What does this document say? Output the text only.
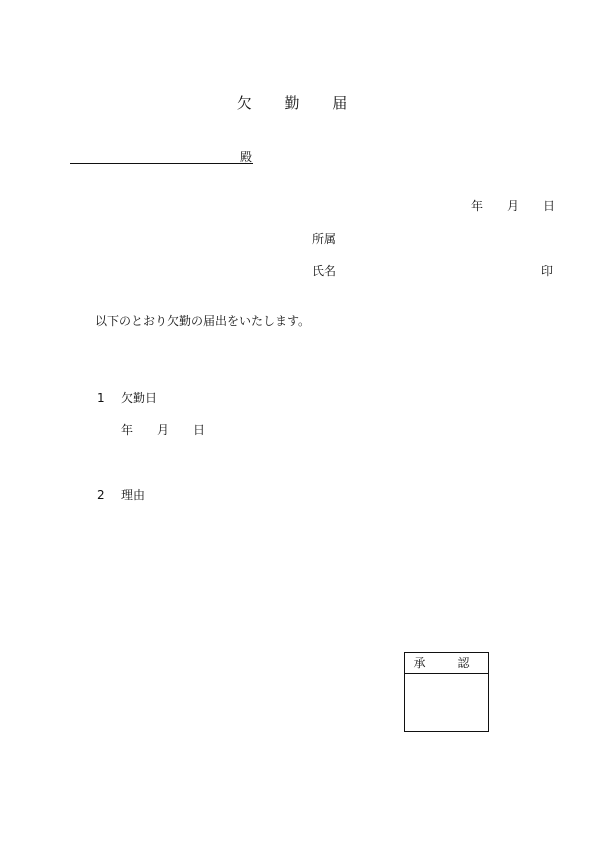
欠 勤 届
殿
年 月 日
所属
氏名	印
以下のとおり欠勤の届出をいたします。
1 欠勤日
年 月 日
2 理由
承　認
